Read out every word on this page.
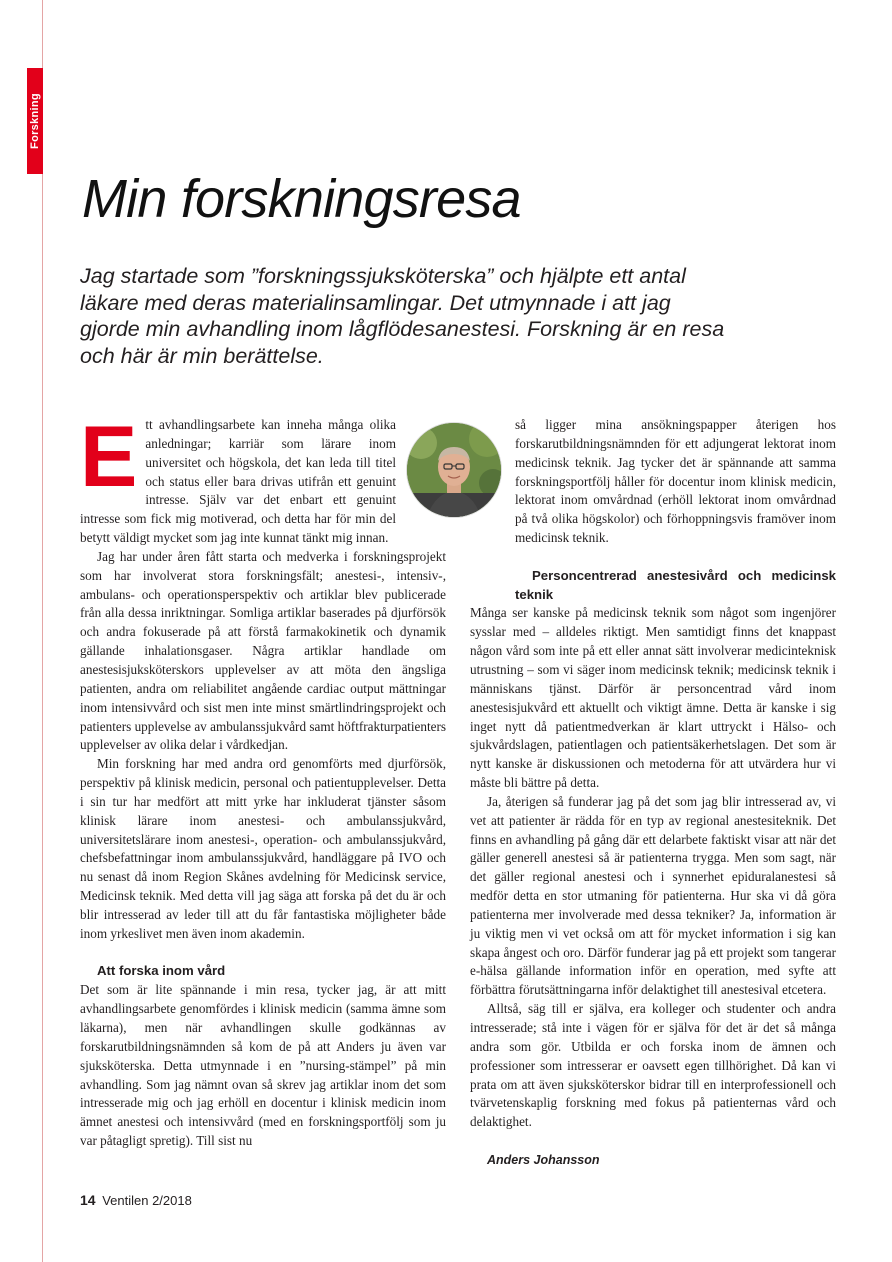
Forskning
Min forskningsresa

Jag startade som ”forskningssjuksköterska” och hjälpte ett antal läkare med deras materialinsamlingar. Det utmynnade i att jag gjorde min avhandling inom lågflödesanestesi. Forskning är en resa och här är min berättelse.

E tt avhandlingsarbete kan inneha många olika anledningar; karriär som lärare inom universitet och högskola, det kan leda till titel och status eller bara drivas utifrån ett genuint intresse. Själv var det enbart ett genuint intresse som fick mig motiverad, och detta har för min del betytt väldigt mycket som jag inte kunnat tänkt mig innan.

Jag har under åren fått starta och medverka i forskningsprojekt som har involverat stora forskningsfält; anestesi-, intensiv-, ambulans- och operationsperspektiv och artiklar blev publicerade från alla dessa inriktningar. Somliga artiklar baserades på djurförsök och andra fokuserade på att förstå farmakokinetik och dynamik gällande inhalationsgaser. Några artiklar handlade om anestesisjuksköterskors upplevelser av att möta den ängsliga patienten, andra om reliabilitet angående cardiac output mättningar inom intensivvård och sist men inte minst smärtlindringsprojekt och patienters upplevelse av ambulanssjukvård samt höftfrakturpatienters upplevelser av olika delar i vårdkedjan.

Min forskning har med andra ord genomförts med djurförsök, perspektiv på klinisk medicin, personal och patientupplevelser. Detta i sin tur har medfört att mitt yrke har inkluderat tjänster såsom klinisk lärare inom anestesi- och ambulanssjukvård, universitetslärare inom anestesi-, operation- och ambulanssjukvård, chefsbefattningar inom ambulanssjukvård, handläggare på IVO och nu senast då inom Region Skånes avdelning för Medicinsk service, Medicinsk teknik. Med detta vill jag säga att forska på det du är och blir intresserad av leder till att du får fantastiska möjligheter både inom yrkeslivet men även inom akademin.

Att forska inom vård

Det som är lite spännande i min resa, tycker jag, är att mitt avhandlingsarbete genomfördes i klinisk medicin (samma ämne som läkarna), men när avhandlingen skulle godkännas av forskarutbildningsnämnden så kom de på att Anders ju även var sjuksköterska. Detta utmynnade i en ”nursing-stämpel” på min avhandling. Som jag nämnt ovan så skrev jag artiklar inom det som intresserade mig och jag erhöll en docentur i klinisk medicin inom ämnet anestesi och intensivvård (med en forskningsportfölj som ju var påtagligt spretig). Till sist nu

så ligger mina ansökningspapper återigen hos forskarutbildningsnämnden för ett adjungerat lektorat inom medicinsk teknik. Jag tycker det är spännande att samma forskningsportfölj håller för docentur inom klinisk medicin, lektorat inom omvårdnad (erhöll lektorat inom omvårdnad på två olika högskolor) och förhoppningsvis framöver inom medicinsk teknik.

Personcentrerad anestesivård och medicinsk teknik

Många ser kanske på medicinsk teknik som något som ingenjörer sysslar med – alldeles riktigt. Men samtidigt finns det knappast någon vård som inte på ett eller annat sätt involverar medicinteknisk utrustning – som vi säger inom medicinsk teknik; medicinsk teknik i människans tjänst. Därför är personcentrad vård inom anestesisjukvård ett aktuellt och viktigt ämne. Detta är kanske i sig inget nytt då patientmedverkan är klart uttryckt i Hälso- och sjukvårdslagen, patientlagen och patientsäkerhetslagen. Det som är nytt kanske är diskussionen och metoderna för att utvärdera hur vi måste bli bättre på detta.

Ja, återigen så funderar jag på det som jag blir intresserad av, vi vet att patienter är rädda för en typ av regional anestesiteknik. Det finns en avhandling på gång där ett delarbete faktiskt visar att när det gäller generell anestesi så är patienterna trygga. Men som sagt, när det gäller regional anestesi och i synnerhet epiduralanestesi så medför detta en stor utmaning för patienterna. Hur ska vi då göra patienterna mer involverade med dessa tekniker? Ja, information är ju viktig men vi vet också om att för mycket information i sig kan skapa ångest och oro. Därför funderar jag på ett projekt som tangerar e-hälsa gällande information inför en operation, med syfte att förbättra förutsättningarna inför delaktighet till anestesival etcetera.

Alltså, säg till er själva, era kolleger och studenter och andra intresserade; stå inte i vägen för er själva för det är det så många andra som gör. Utbilda er och forska inom de ämnen och professioner som intresserar er oavsett egen tillhörighet. Då kan vi prata om att även sjuksköterskor bidrar till en interprofessionell och tvärvetenskaplig forskning med fokus på patienternas vård och delaktighet.

Anders Johansson

14 Ventilen 2/2018
